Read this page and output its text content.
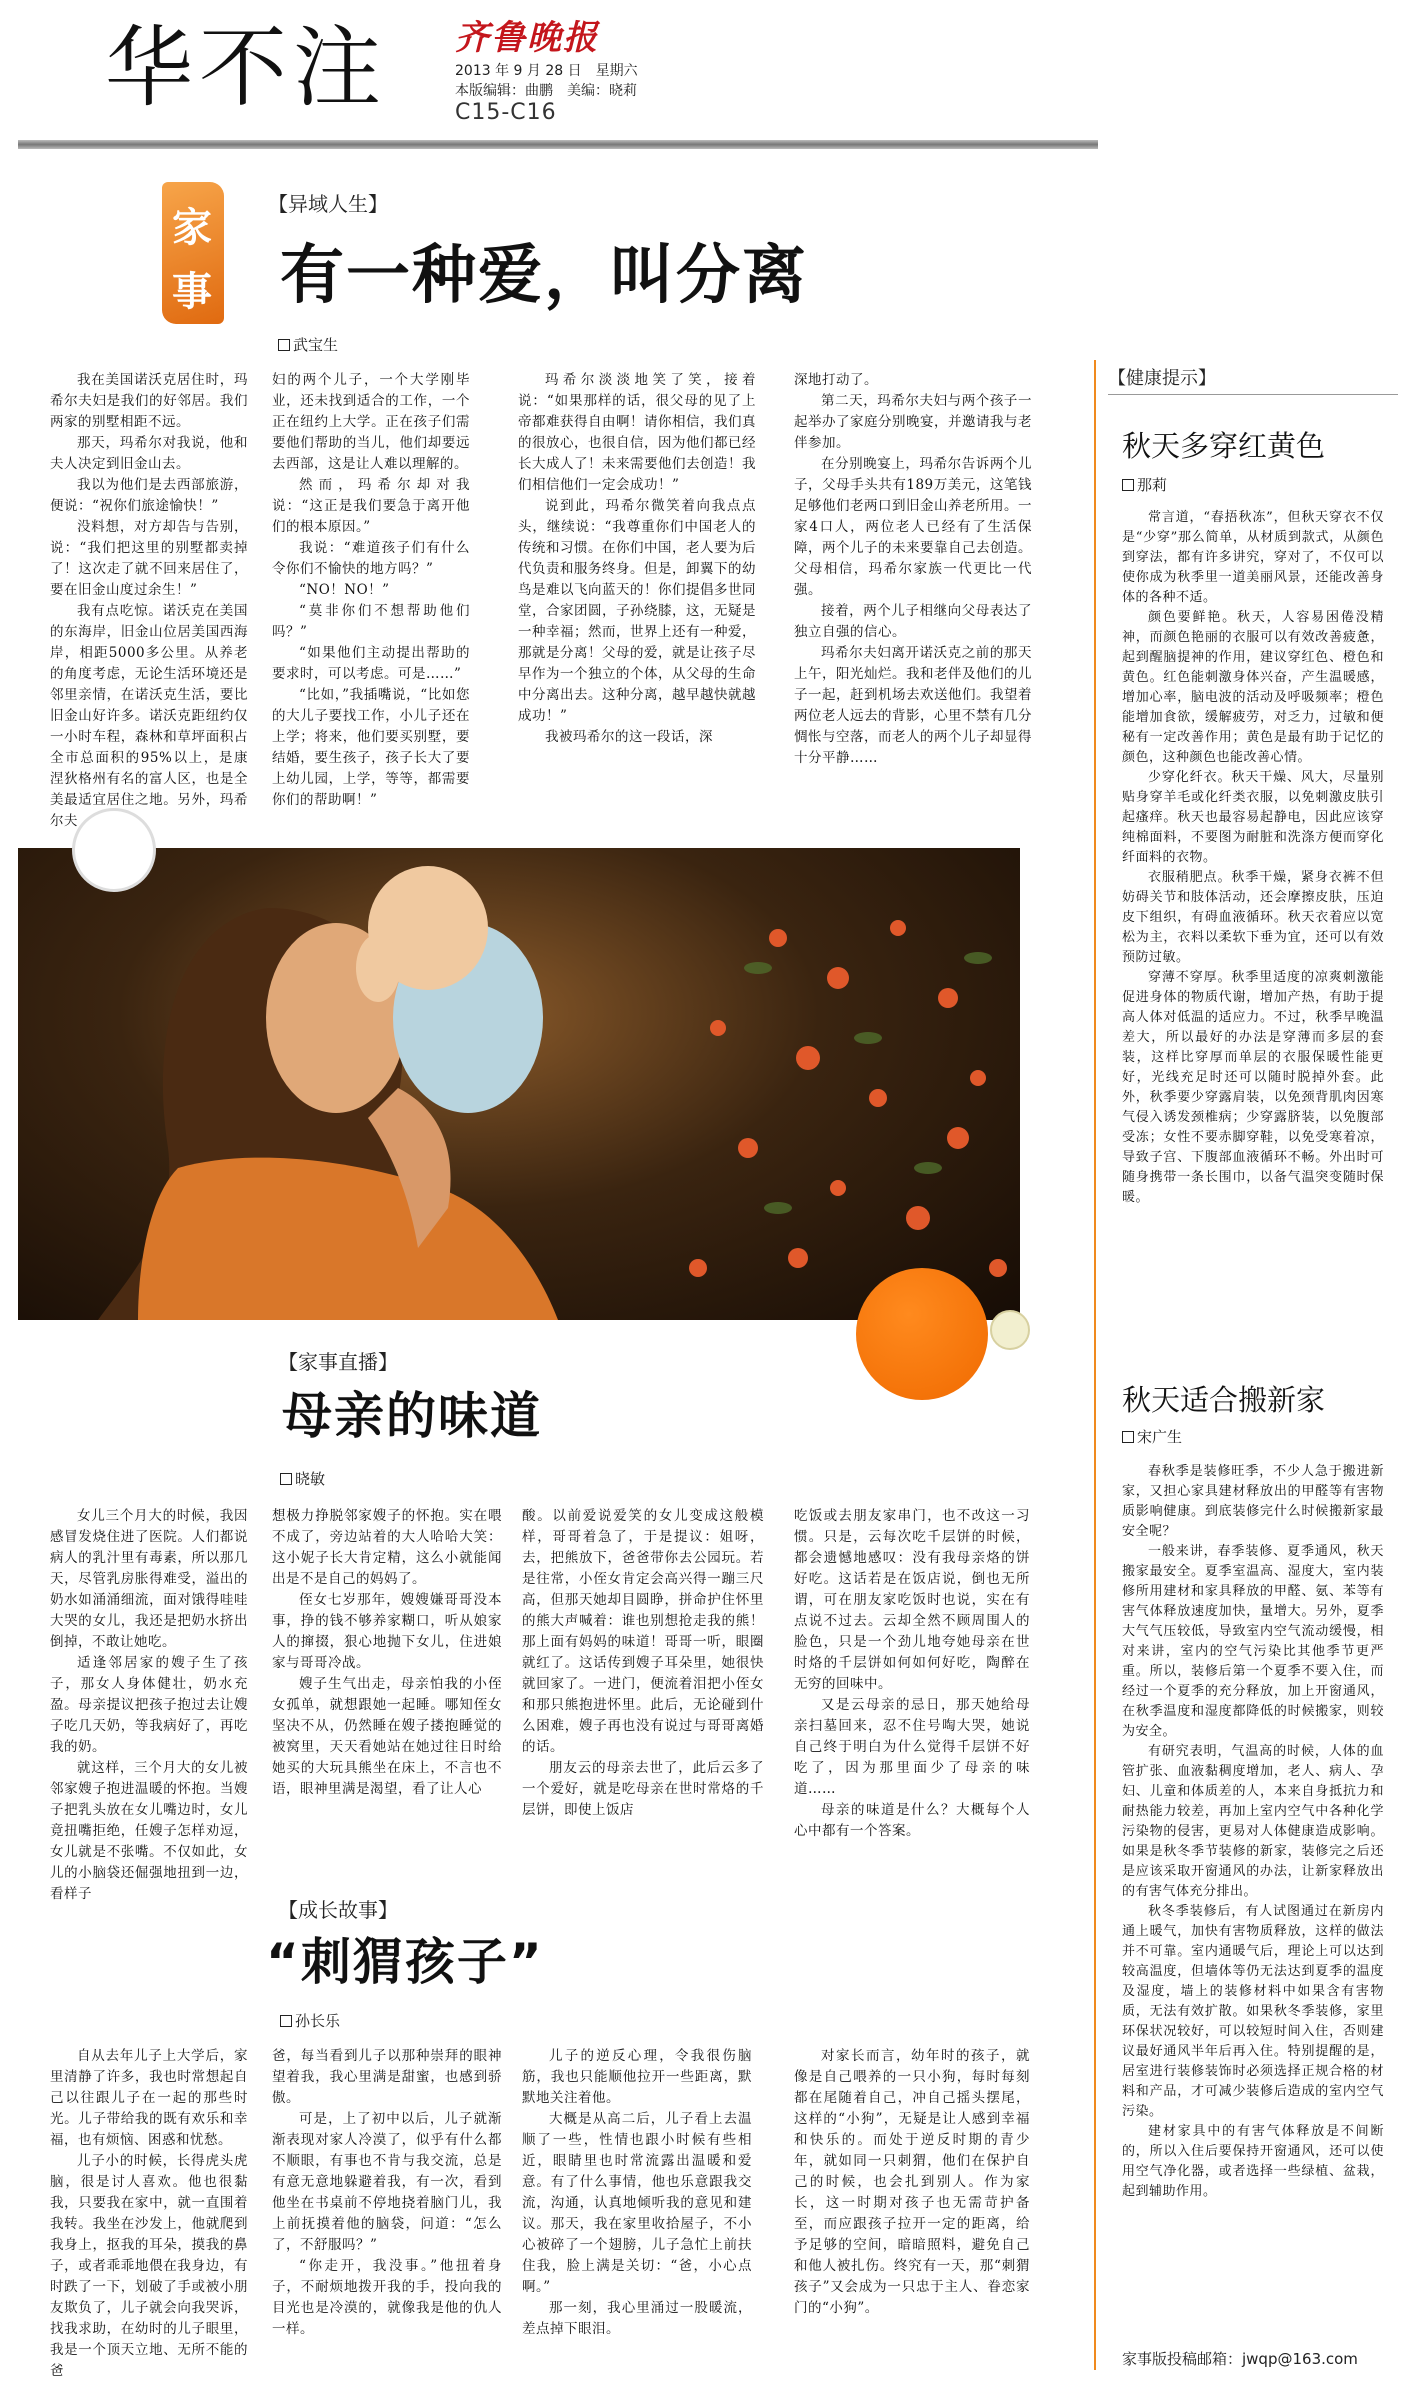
华不注 齐鲁晚报
2013 年 9 月 28 日　星期六
本版编辑：曲鹏　美编：晓莉
C15-C16
家
事
【异域人生】
有一种爱，叫分离
武宝生

我在美国诺沃克居住时，玛希尔夫妇是我们的好邻居。我们两家的别墅相距不远。

那天，玛希尔对我说，他和夫人决定到旧金山去。

我以为他们是去西部旅游，便说：“祝你们旅途愉快！”

没料想，对方却告与告别，说：“我们把这里的别墅都卖掉了！这次走了就不回来居住了，要在旧金山度过余生！”

我有点吃惊。诺沃克在美国的东海岸，旧金山位居美国西海岸，相距5000多公里。从养老的角度考虑，无论生活环境还是邻里亲情，在诺沃克生活，要比旧金山好许多。诺沃克距纽约仅一小时车程，森林和草坪面积占全市总面积的95%以上，是康涅狄格州有名的富人区，也是全美最适宜居住之地。另外，玛希尔夫

妇的两个儿子，一个大学刚毕业，还未找到适合的工作，一个正在纽约上大学。正在孩子们需要他们帮助的当儿，他们却要远去西部，这是让人难以理解的。

然而，玛希尔却对我说：“这正是我们要急于离开他们的根本原因。”

我说：“难道孩子们有什么令你们不愉快的地方吗？”

“NO！NO！”

“莫非你们不想帮助他们吗？”

“如果他们主动提出帮助的要求时，可以考虑。可是……”

“比如，”我插嘴说，“比如您的大儿子要找工作，小儿子还在上学；将来，他们要买别墅，要结婚，要生孩子，孩子长大了要上幼儿园，上学，等等，都需要你们的帮助啊！”

玛希尔淡淡地笑了笑，接着说：“如果那样的话，很父母的见了上帝都难获得自由啊！请你相信，我们真的很放心，也很自信，因为他们都已经长大成人了！未来需要他们去创造！我们相信他们一定会成功！”

说到此，玛希尔微笑着向我点点头，继续说：“我尊重你们中国老人的传统和习惯。在你们中国，老人要为后代负责和服务终身。但是，卸翼下的幼鸟是难以飞向蓝天的！你们提倡多世同堂，合家团圆，子孙绕膝，这，无疑是一种幸福；然而，世界上还有一种爱，那就是分离！父母的爱，就是让孩子尽早作为一个独立的个体，从父母的生命中分离出去。这种分离，越早越快就越成功！”

我被玛希尔的这一段话，深

深地打动了。

第二天，玛希尔夫妇与两个孩子一起举办了家庭分别晚宴，并邀请我与老伴参加。

在分别晚宴上，玛希尔告诉两个儿子，父母手头共有189万美元，这笔钱足够他们老两口到旧金山养老所用。一家4口人，两位老人已经有了生活保障，两个儿子的未来要靠自己去创造。父母相信，玛希尔家族一代更比一代强。

接着，两个儿子相继向父母表达了独立自强的信心。

玛希尔夫妇离开诺沃克之前的那天上午，阳光灿烂。我和老伴及他们的儿子一起，赶到机场去欢送他们。我望着两位老人远去的背影，心里不禁有几分惆怅与空落，而老人的两个儿子却显得十分平静……

【家事直播】
母亲的味道
晓敏

女儿三个月大的时候，我因感冒发烧住进了医院。人们都说病人的乳汁里有毒素，所以那几天，尽管乳房胀得难受，溢出的奶水如涌涌细流，面对饿得哇哇大哭的女儿，我还是把奶水挤出倒掉，不敢让她吃。

适逢邻居家的嫂子生了孩子，那女人身体健壮，奶水充盈。母亲提议把孩子抱过去让嫂子吃几天奶，等我病好了，再吃我的奶。

就这样，三个月大的女儿被邻家嫂子抱进温暖的怀抱。当嫂子把乳头放在女儿嘴边时，女儿竟扭嘴拒绝，任嫂子怎样劝逗，女儿就是不张嘴。不仅如此，女儿的小脑袋还倔强地扭到一边，看样子

想极力挣脱邻家嫂子的怀抱。实在喂不成了，旁边站着的大人哈哈大笑：这小妮子长大肯定精，这么小就能闻出是不是自己的妈妈了。

侄女七岁那年，嫂嫂嫌哥哥没本事，挣的钱不够养家糊口，听从娘家人的撺掇，狠心地抛下女儿，住进娘家与哥哥冷战。

嫂子生气出走，母亲怕我的小侄女孤单，就想跟她一起睡。哪知侄女坚决不从，仍然睡在嫂子搂抱睡觉的被窝里，天天看她站在她过往日时给她买的大玩具熊坐在床上，不言也不语，眼神里满是渴望，看了让人心

酸。以前爱说爱笑的女儿变成这般模样，哥哥着急了，于是提议：姐呀，去，把熊放下，爸爸带你去公园玩。若是往常，小侄女肯定会高兴得一蹦三尺高，但那天她却目圆睁，拼命护住怀里的熊大声喊着：谁也别想抢走我的熊！那上面有妈妈的味道！哥哥一听，眼圈就红了。这话传到嫂子耳朵里，她很快就回家了。一进门，便流着泪把小侄女和那只熊抱进怀里。此后，无论碰到什么困难，嫂子再也没有说过与哥哥离婚的话。

朋友云的母亲去世了，此后云多了一个爱好，就是吃母亲在世时常烙的千层饼，即使上饭店

吃饭或去朋友家串门，也不改这一习惯。只是，云每次吃千层饼的时候，都会遗憾地感叹：没有我母亲烙的饼好吃。这话若是在饭店说，倒也无所谓，可在朋友家吃饭时也说，实在有点说不过去。云却全然不顾周围人的脸色，只是一个劲儿地夸她母亲在世时烙的千层饼如何如何好吃，陶醉在无穷的回味中。

又是云母亲的忌日，那天她给母亲扫墓回来，忍不住号啕大哭，她说自己终于明白为什么觉得千层饼不好吃了，因为那里面少了母亲的味道……

母亲的味道是什么？大概每个人心中都有一个答案。

【成长故事】
“刺猬孩子”
孙长乐

自从去年儿子上大学后，家里清静了许多，我也时常想起自己以往跟儿子在一起的那些时光。儿子带给我的既有欢乐和幸福，也有烦恼、困惑和忧愁。

儿子小的时候，长得虎头虎脑，很是讨人喜欢。他也很黏我，只要我在家中，就一直围着我转。我坐在沙发上，他就爬到我身上，抠我的耳朵，摸我的鼻子，或者乖乖地偎在我身边，有时跌了一下，划破了手或被小朋友欺负了，儿子就会向我哭诉，找我求助，在幼时的儿子眼里，我是一个顶天立地、无所不能的爸

爸，每当看到儿子以那种崇拜的眼神望着我，我心里满是甜蜜，也感到骄傲。

可是，上了初中以后，儿子就渐渐表现对家人冷漠了，似乎有什么都不顺眼，有事也不肯与我交流，总是有意无意地躲避着我，有一次，看到他坐在书桌前不停地挠着脑门儿，我上前抚摸着他的脑袋，问道：“怎么了，不舒服吗？”

“你走开，我没事。”他扭着身子，不耐烦地拨开我的手，投向我的目光也是冷漠的，就像我是他的仇人一样。

儿子的逆反心理，令我很伤脑筋，我也只能顺他拉开一些距离，默默地关注着他。

大概是从高二后，儿子看上去温顺了一些，性情也跟小时候有些相近，眼睛里也时常流露出温暖和爱意。有了什么事情，他也乐意跟我交流，沟通，认真地倾听我的意见和建议。那天，我在家里收拾屋子，不小心被碎了一个翅膀，儿子急忙上前扶住我，脸上满是关切：“爸，小心点啊。”

那一刻，我心里涌过一股暖流，差点掉下眼泪。

对家长而言，幼年时的孩子，就像是自己喂养的一只小狗，每时每刻都在尾随着自己，冲自己摇头摆尾，这样的“小狗”，无疑是让人感到幸福和快乐的。而处于逆反时期的青少年，就如同一只刺猬，他们在保护自己的时候，也会扎到别人。作为家长，这一时期对孩子也无需苛护备至，而应跟孩子拉开一定的距离，给予足够的空间，暗暗照料，避免自己和他人被扎伤。终究有一天，那“刺猬孩子”又会成为一只忠于主人、眷恋家门的“小狗”。

【健康提示】
秋天多穿红黄色
那莉

常言道，“春捂秋冻”，但秋天穿衣不仅是“少穿”那么简单，从材质到款式，从颜色到穿法，都有许多讲究，穿对了，不仅可以使你成为秋季里一道美丽风景，还能改善身体的各种不适。

颜色要鲜艳。秋天，人容易困倦没精神，而颜色艳丽的衣服可以有效改善疲惫，起到醒脑提神的作用，建议穿红色、橙色和黄色。红色能刺激身体兴奋，产生温暖感，增加心率，脑电波的活动及呼吸频率；橙色能增加食欲，缓解疲劳，对乏力，过敏和便秘有一定改善作用；黄色是最有助于记忆的颜色，这种颜色也能改善心情。

少穿化纤衣。秋天干燥、风大，尽量别贴身穿羊毛或化纤类衣服，以免刺激皮肤引起瘙痒。秋天也最容易起静电，因此应该穿纯棉面料，不要图为耐脏和洗涤方便而穿化纤面料的衣物。

衣服稍肥点。秋季干燥，紧身衣裤不但妨碍关节和肢体活动，还会摩擦皮肤，压迫皮下组织，有碍血液循环。秋天衣着应以宽松为主，衣料以柔软下垂为宜，还可以有效预防过敏。

穿薄不穿厚。秋季里适度的凉爽刺激能促进身体的物质代谢，增加产热，有助于提高人体对低温的适应力。不过，秋季早晚温差大，所以最好的办法是穿薄而多层的套装，这样比穿厚而单层的衣服保暖性能更好，光线充足时还可以随时脱掉外套。此外，秋季要少穿露肩装，以免颈背肌肉因寒气侵入诱发颈椎病；少穿露脐装，以免腹部受冻；女性不要赤脚穿鞋，以免受寒着凉，导致子宫、下腹部血液循环不畅。外出时可随身携带一条长围巾，以备气温突变随时保暖。

秋天适合搬新家
宋广生

春秋季是装修旺季，不少人急于搬进新家，又担心家具建材释放出的甲醛等有害物质影响健康。到底装修完什么时候搬新家最安全呢？

一般来讲，春季装修、夏季通风，秋天搬家最安全。夏季室温高、湿度大，室内装修所用建材和家具释放的甲醛、氨、苯等有害气体释放速度加快，量增大。另外，夏季大气气压较低，导致室内空气流动缓慢，相对来讲，室内的空气污染比其他季节更严重。所以，装修后第一个夏季不要入住，而经过一个夏季的充分释放，加上开窗通风，在秋季温度和湿度都降低的时候搬家，则较为安全。

有研究表明，气温高的时候，人体的血管扩张、血液黏稠度增加，老人、病人、孕妇、儿童和体质差的人，本来自身抵抗力和耐热能力较差，再加上室内空气中各种化学污染物的侵害，更易对人体健康造成影响。如果是秋冬季节装修的新家，装修完之后还是应该采取开窗通风的办法，让新家释放出的有害气体充分排出。

秋冬季装修后，有人试图通过在新房内通上暖气，加快有害物质释放，这样的做法并不可靠。室内通暖气后，理论上可以达到较高温度，但墙体等仍无法达到夏季的温度及湿度，墙上的装修材料中如果含有害物质，无法有效扩散。如果秋冬季装修，家里环保状况较好，可以较短时间入住，否则建议最好通风半年后再入住。特别提醒的是，居室进行装修装饰时必须选择正规合格的材料和产品，才可减少装修后造成的室内空气污染。

建材家具中的有害气体释放是不间断的，所以入住后要保持开窗通风，还可以使用空气净化器，或者选择一些绿植、盆栽，起到辅助作用。

家事版投稿邮箱：jwqp@163.com
